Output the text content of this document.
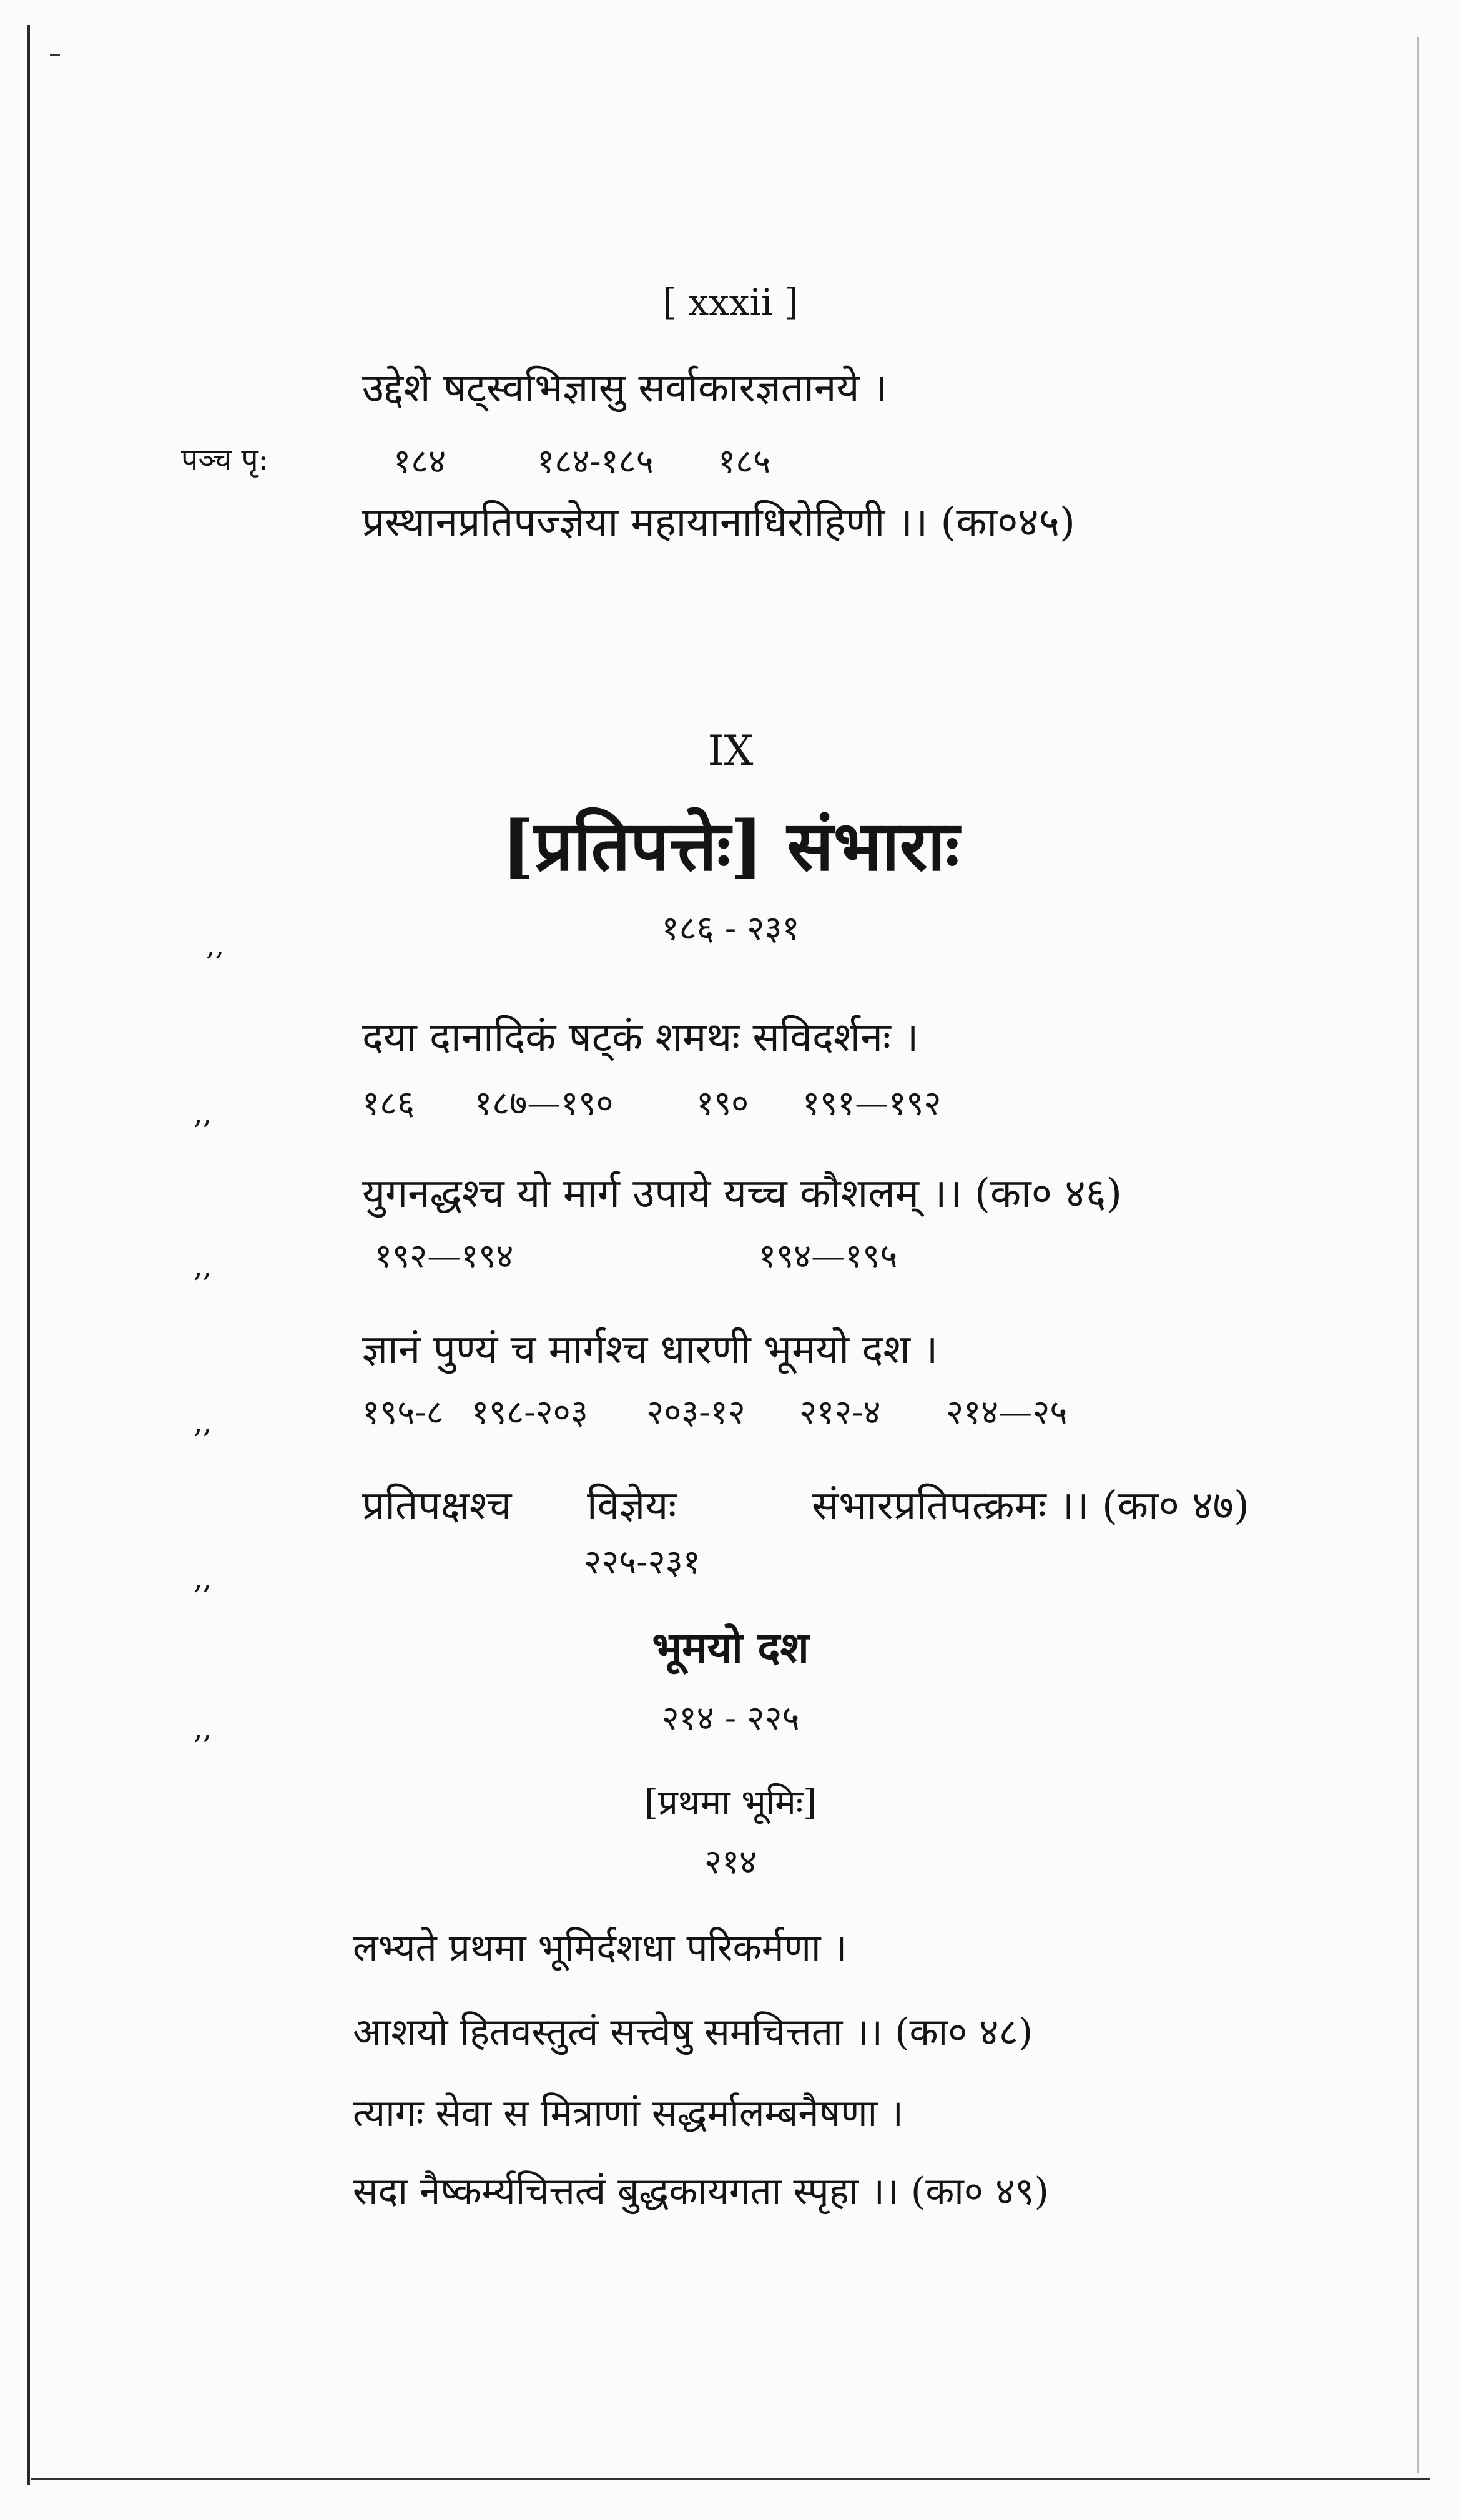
[ xxxii ]
उद्देशे षट्स्वभिज्ञासु सर्वाकारज्ञतानये ।
पञ्च पृ:	१८४	१८४-१८५ १८५
प्रस्थानप्रतिपज्ज्ञेया महायानाधिरोहिणी ।। (का०४५)
IX
[प्रतिपत्तेः] संभाराः
,,	१८६ - २३१
दया दानादिकं षट्कं शमथः सविदर्शनः ।
,,	१८६ १८७—१९० १९० १९१—१९२
युगनद्धश्च यो मार्ग उपाये यच्च कौशलम् ।। (का० ४६)
,,	१९२—१९४	१९४—१९५
ज्ञानं पुण्यं च मार्गश्च धारणी भूमयो दश ।
,,	१९५-८ १९८-२०३ २०३-१२ २१२-४ २१४—२५
प्रतिपक्षश्च विज्ञेयः	संभारप्रतिपत्क्रमः ।। (का० ४७)
,,	२२५-२३१
भूमयो दश
,,	२१४ - २२५
[प्रथमा भूमिः]
२१४
लभ्यते प्रथमा भूमिर्दशधा परिकर्मणा ।
आशयो हितवस्तुत्वं सत्त्वेषु समचित्तता ।। (का० ४८)
त्यागः सेवा स मित्राणां सद्धर्मालम्बनैषणा ।
सदा नैष्कर्म्यचित्तत्वं बुद्धकायगता स्पृहा ।। (का० ४९)
